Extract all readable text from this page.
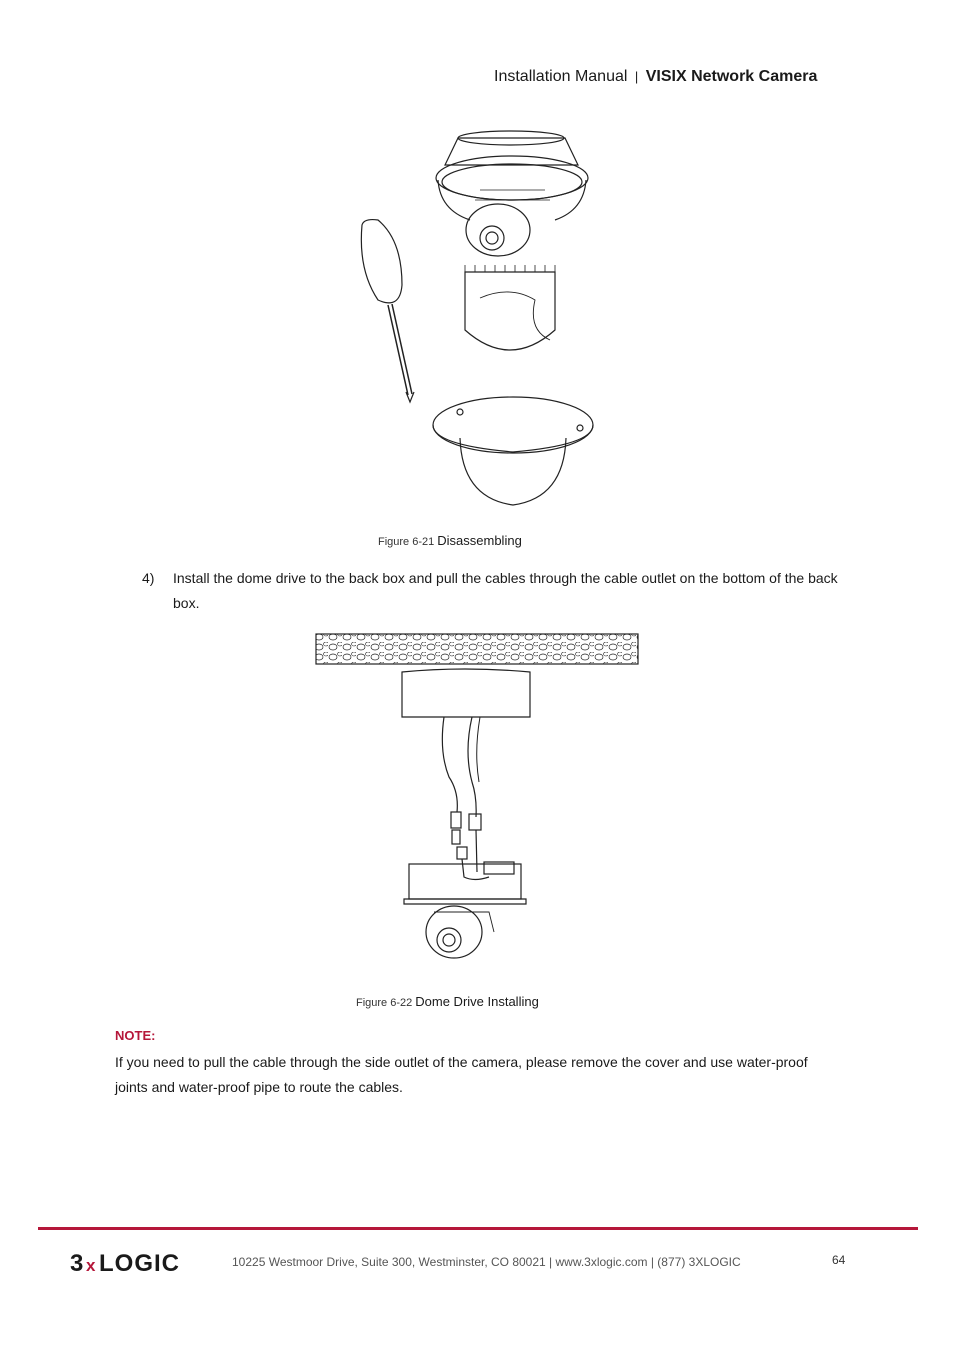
Installation Manual | VISIX Network Camera
Figure 6-21 Disassembling
4) Install the dome drive to the back box and pull the cables through the cable outlet on the bottom of the back box.
Figure 6-22 Dome Drive Installing
NOTE:
If you need to pull the cable through the side outlet of the camera, please remove the cover and use water-proof joints and water-proof pipe to route the cables.
3 x LOGIC	10225 Westmoor Drive, Suite 300, Westminster, CO 80021 | www.3xlogic.com | (877) 3XLOGIC	64
